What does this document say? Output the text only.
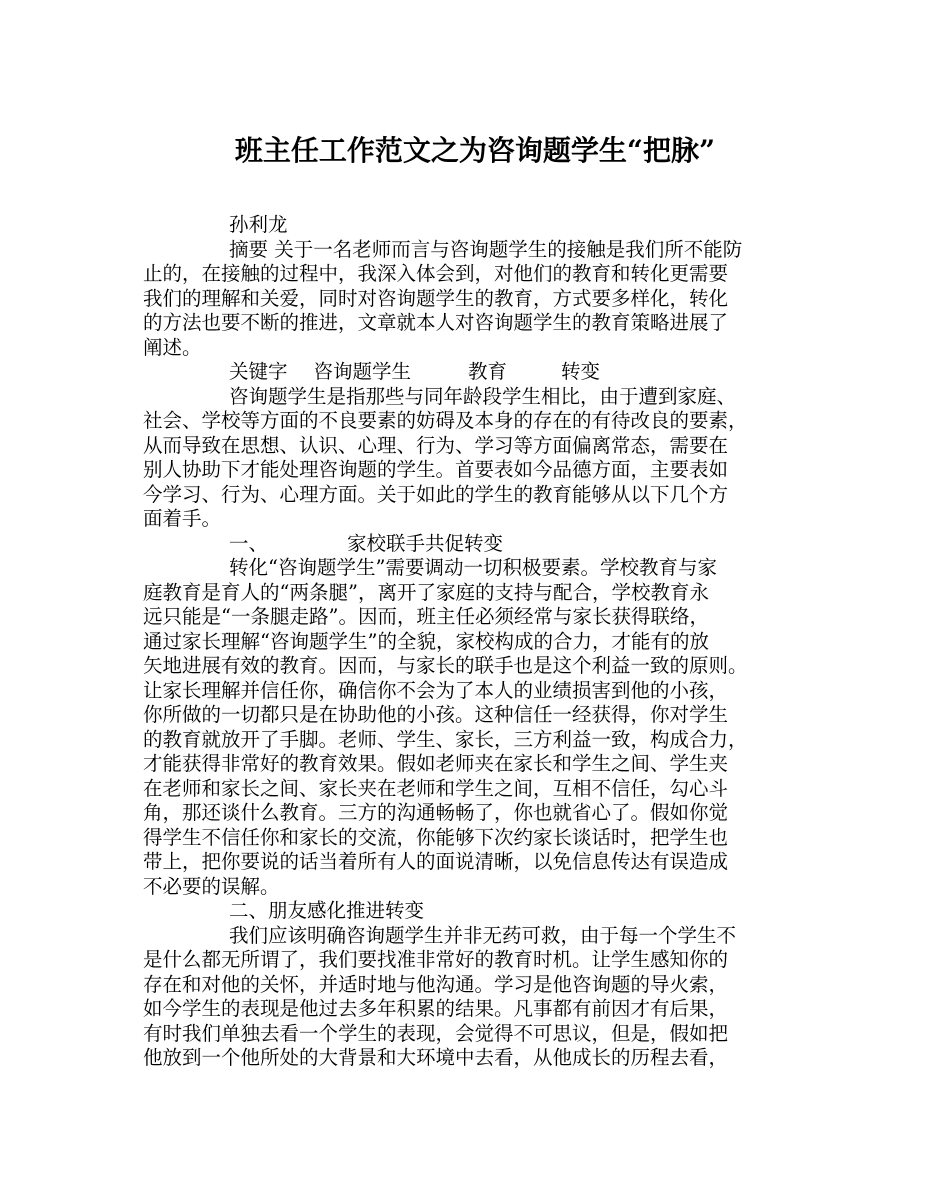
班主任工作范文之为咨询题学生“把脉”
孙利龙
摘要 关于一名老师而言与咨询题学生的接触是我们所不能防
止的，在接触的过程中，我深入体会到，对他们的教育和转化更需要
我们的理解和关爱，同时对咨询题学生的教育，方式要多样化，转化
的方法也要不断的推进，文章就本人对咨询题学生的教育策略进展了
阐述。
关键字 咨询题学生	教育	转变
咨询题学生是指那些与同年龄段学生相比，由于遭到家庭、
社会、学校等方面的不良要素的妨碍及本身的存在的有待改良的要素，
从而导致在思想、认识、心理、行为、学习等方面偏离常态，需要在
别人协助下才能处理咨询题的学生。首要表如今品德方面，主要表如
今学习、行为、心理方面。关于如此的学生的教育能够从以下几个方
面着手。
一、	家校联手共促转变
转化“咨询题学生”需要调动一切积极要素。学校教育与家
庭教育是育人的“两条腿”，离开了家庭的支持与配合，学校教育永
远只能是“一条腿走路”。因而，班主任必须经常与家长获得联络，
通过家长理解“咨询题学生”的全貌，家校构成的合力，才能有的放
矢地进展有效的教育。因而，与家长的联手也是这个利益一致的原则。
让家长理解并信任你，确信你不会为了本人的业绩损害到他的小孩，
你所做的一切都只是在协助他的小孩。这种信任一经获得，你对学生
的教育就放开了手脚。老师、学生、家长，三方利益一致，构成合力，
才能获得非常好的教育效果。假如老师夹在家长和学生之间、学生夹
在老师和家长之间、家长夹在老师和学生之间，互相不信任，勾心斗
角，那还谈什么教育。三方的沟通畅畅了，你也就省心了。假如你觉
得学生不信任你和家长的交流，你能够下次约家长谈话时，把学生也
带上，把你要说的话当着所有人的面说清晰，以免信息传达有误造成
不必要的误解。
二、朋友感化推进转变
我们应该明确咨询题学生并非无药可救，由于每一个学生不
是什么都无所谓了，我们要找准非常好的教育时机。让学生感知你的
存在和对他的关怀，并适时地与他沟通。学习是他咨询题的导火索，
如今学生的表现是他过去多年积累的结果。凡事都有前因才有后果，
有时我们单独去看一个学生的表现，会觉得不可思议，但是，假如把
他放到一个他所处的大背景和大环境中去看，从他成长的历程去看，
